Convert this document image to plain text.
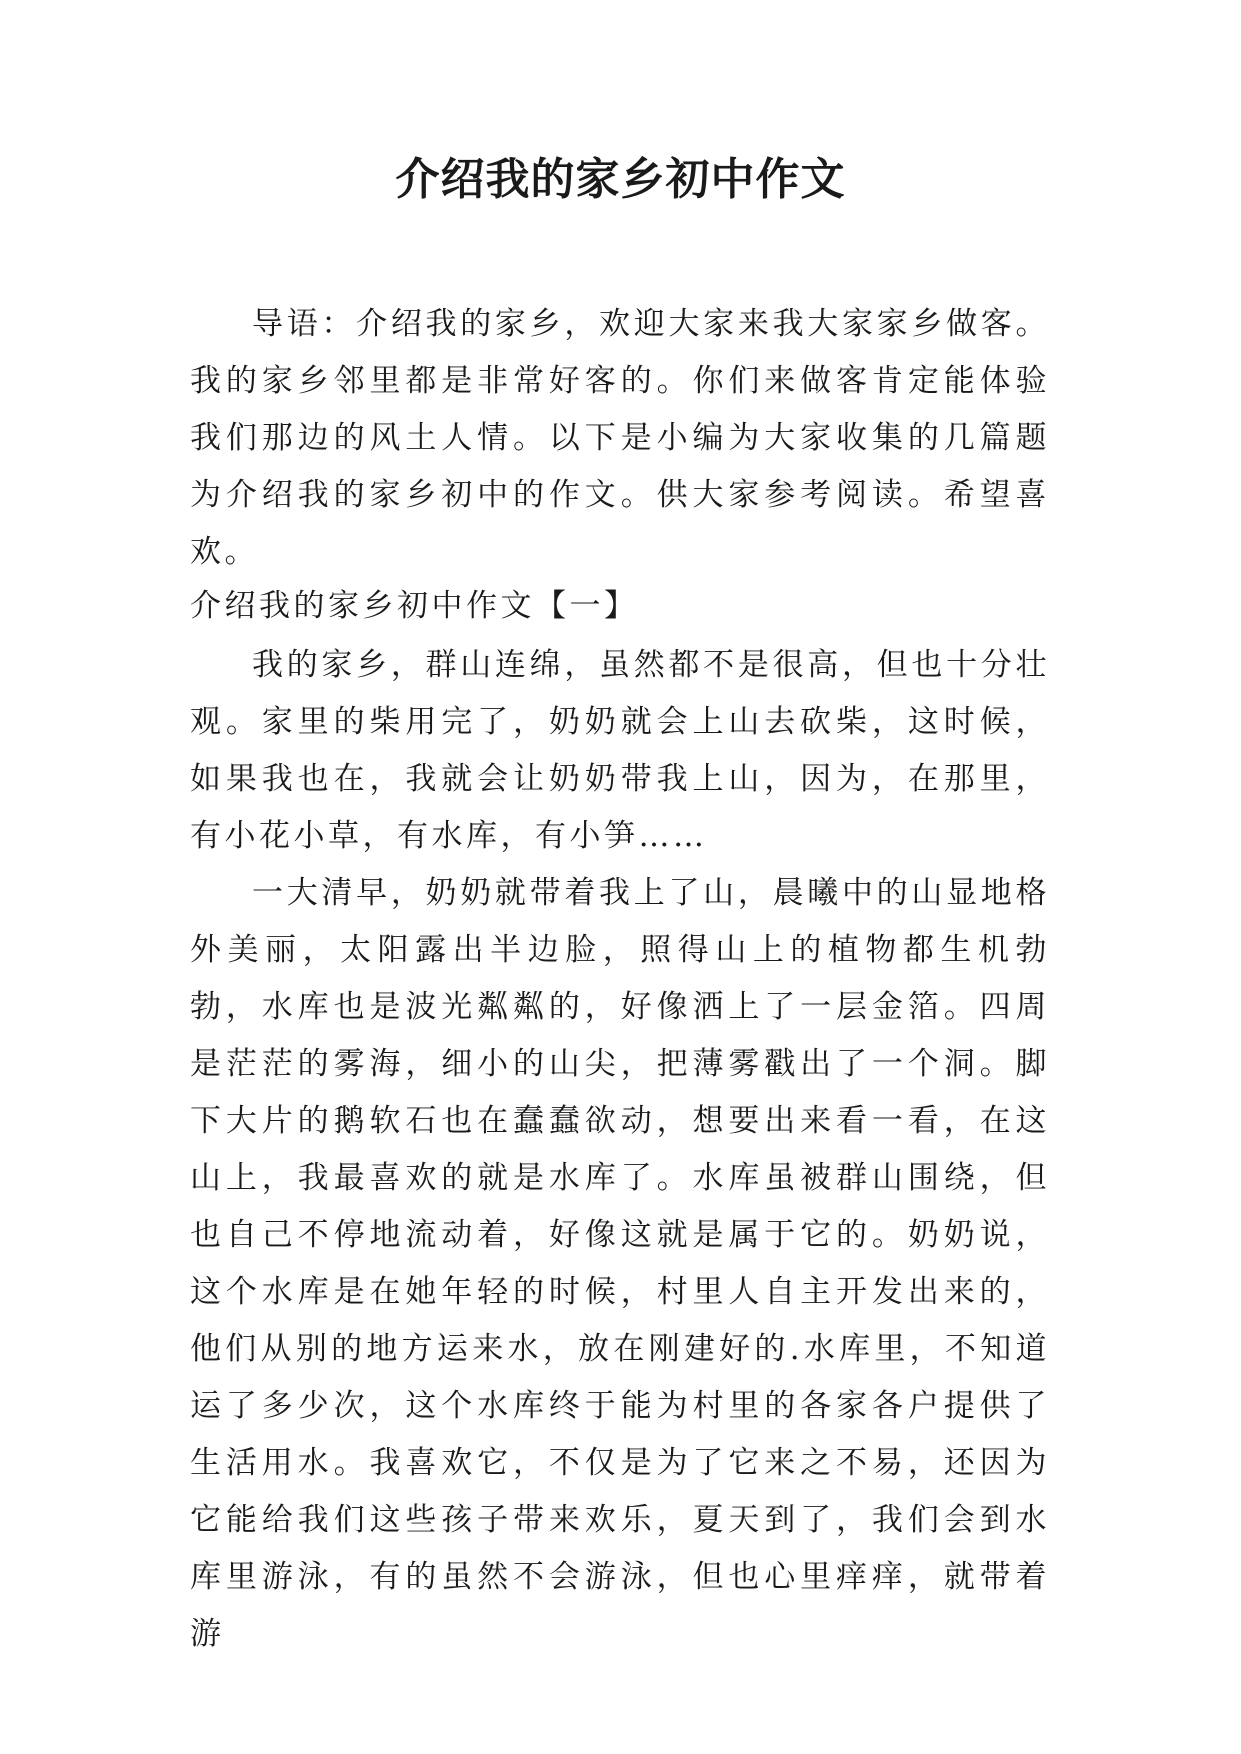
介绍我的家乡初中作文

导语：介绍我的家乡，欢迎大家来我大家家乡做客。我的家乡邻里都是非常好客的。你们来做客肯定能体验我们那边的风土人情。以下是小编为大家收集的几篇题为介绍我的家乡初中的作文。供大家参考阅读。希望喜欢。

介绍我的家乡初中作文【一】

我的家乡，群山连绵，虽然都不是很高，但也十分壮观。家里的柴用完了，奶奶就会上山去砍柴，这时候，如果我也在，我就会让奶奶带我上山，因为，在那里，有小花小草，有水库，有小笋……

一大清早，奶奶就带着我上了山，晨曦中的山显地格外美丽，太阳露出半边脸，照得山上的植物都生机勃勃，水库也是波光粼粼的，好像洒上了一层金箔。四周是茫茫的雾海，细小的山尖，把薄雾戳出了一个洞。脚下大片的鹅软石也在蠢蠢欲动，想要出来看一看，在这山上，我最喜欢的就是水库了。水库虽被群山围绕，但也自己不停地流动着，好像这就是属于它的。奶奶说，这个水库是在她年轻的时候，村里人自主开发出来的，他们从别的地方运来水，放在刚建好的.水库里，不知道运了多少次，这个水库终于能为村里的各家各户提供了生活用水。我喜欢它，不仅是为了它来之不易，还因为它能给我们这些孩子带来欢乐，夏天到了，我们会到水库里游泳，有的虽然不会游泳，但也心里痒痒，就带着游
